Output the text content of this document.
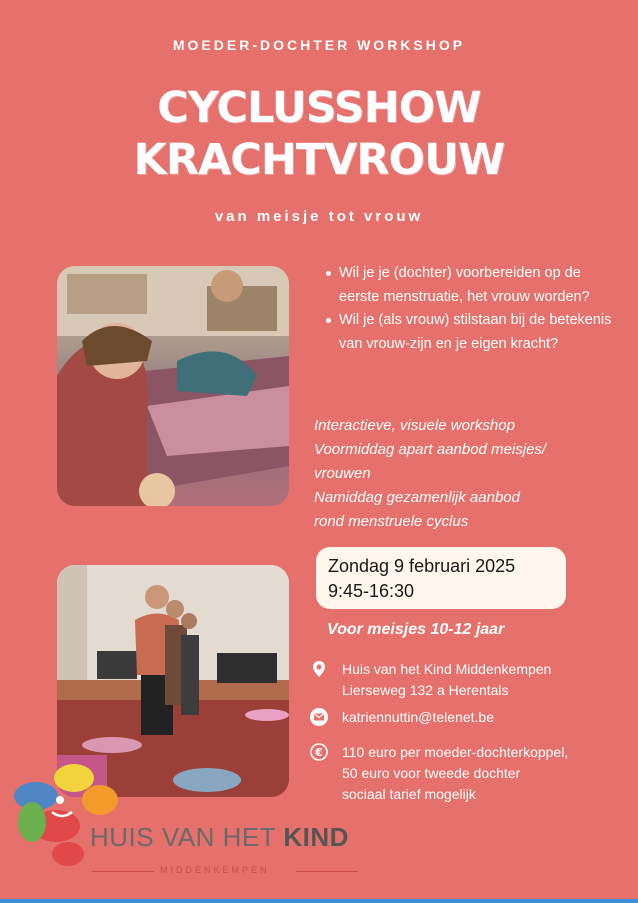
MOEDER-DOCHTER WORKSHOP
CYCLUSSHOW
KRACHTVROUW
van meisje tot vrouw
Wil je je (dochter) voorbereiden op de eerste menstruatie, het vrouw worden?
Wil je (als vrouw) stilstaan bij de betekenis van vrouw-zijn en je eigen kracht?
Interactieve, visuele workshop
Voormiddag apart aanbod meisjes/
vrouwen
Namiddag gezamenlijk aanbod
rond menstruele cyclus
Zondag 9 februari 2025
9:45-16:30
Voor meisjes 10-12 jaar
Huis van het Kind Middenkempen
Lierseweg 132 a Herentals
katriennuttin@telenet.be
€ 110 euro per moeder-dochterkoppel,
50 euro voor tweede dochter
sociaal tarief mogelijk
HUIS VAN HET KIND
MIDDENKEMPEN
